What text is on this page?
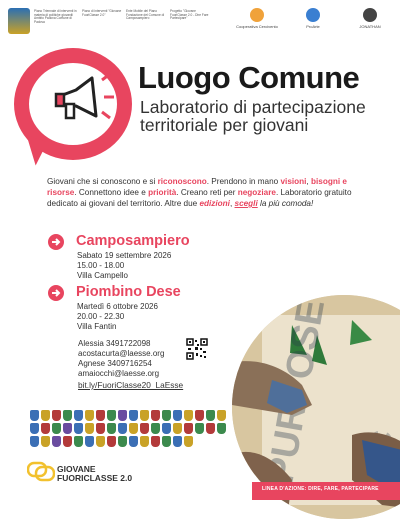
Piano Triennale di interventi in materia di politiche giovanili Ambito Padova Comune di Padova
Piano di interventi "Giovane FuoriClasse 2.0"
Ente Mobile del Piano Fondazione del Comune di Camposampiero
Progetto "Giovane FuoriClasse 2.0 - Dire Fare Partecipare"
Cooperativa Cercivento	ProArte	JONATHAN
Luogo Comune
Laboratorio di partecipazione territoriale per giovani
Giovani che si conoscono e si riconoscono. Prendono in mano visioni, bisogni e risorse. Connettono idee e priorità. Creano reti per negoziare. Laboratorio gratuito dedicato ai giovani del territorio. Altre due edizioni, scegli la più comoda!
Camposampiero
Sabato 19 settembre 2026
15.00 - 18.00
Villa Campello
Piombino Dese
Martedì 6 ottobre 2026
20.00 - 22.30
Villa Fantin
Alessia 3491722098
acostacurta@laesse.org
Agnese 3409716254
amaiocchi@laesse.org
bit.ly/FuoriClasse20_LaEsse
GIOVANE
FUORICLASSE 2.0
LINEA D'AZIONE: DIRE, FARE, PARTECIPARE
